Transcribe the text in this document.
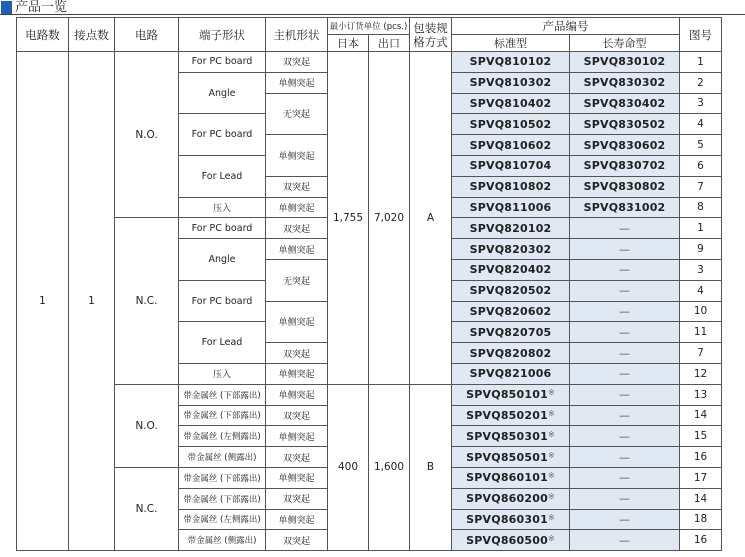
产品一览
电路数	接点数	电路	端子形状	主机形状	最小订货单位 (pcs.)		包装规格方式	产品编号		图号
					日本	出口		标准型	长寿命型	
1	1	N.O.	For PC board	双突起	1,755	7,020	A	SPVQ810102	SPVQ830102	1
			Angle	单侧突起				SPVQ810302	SPVQ830302	2
				无突起				SPVQ810402	SPVQ830402	3
			For PC board					SPVQ810502	SPVQ830502	4
				单侧突起				SPVQ810602	SPVQ830602	5
			For Lead					SPVQ810704	SPVQ830702	6
				双突起				SPVQ810802	SPVQ830802	7
			压入	单侧突起				SPVQ811006	SPVQ831002	8
		N.C.	For PC board	双突起				SPVQ820102	—	1
			Angle	单侧突起				SPVQ820302	—	9
				无突起				SPVQ820402	—	3
			For PC board					SPVQ820502	—	4
				单侧突起				SPVQ820602	—	10
			For Lead					SPVQ820705	—	11
				双突起				SPVQ820802	—	7
			压入	单侧突起				SPVQ821006	—	12
		N.O.	带金属丝 (下部露出)	单侧突起	400	1,600	B	SPVQ850101※	—	13
			带金属丝 (下部露出)	双突起				SPVQ850201※	—	14
			带金属丝 (左侧露出)	单侧突起				SPVQ850301※	—	15
			带金属丝 (侧露出)	双突起				SPVQ850501※	—	16
		N.C.	带金属丝 (下部露出)	单侧突起				SPVQ860101※	—	17
			带金属丝 (下部露出)	双突起				SPVQ860200※	—	14
			带金属丝 (左侧露出)	单侧突起				SPVQ860301※	—	18
			带金属丝 (侧露出)	双突起				SPVQ860500※	—	16
